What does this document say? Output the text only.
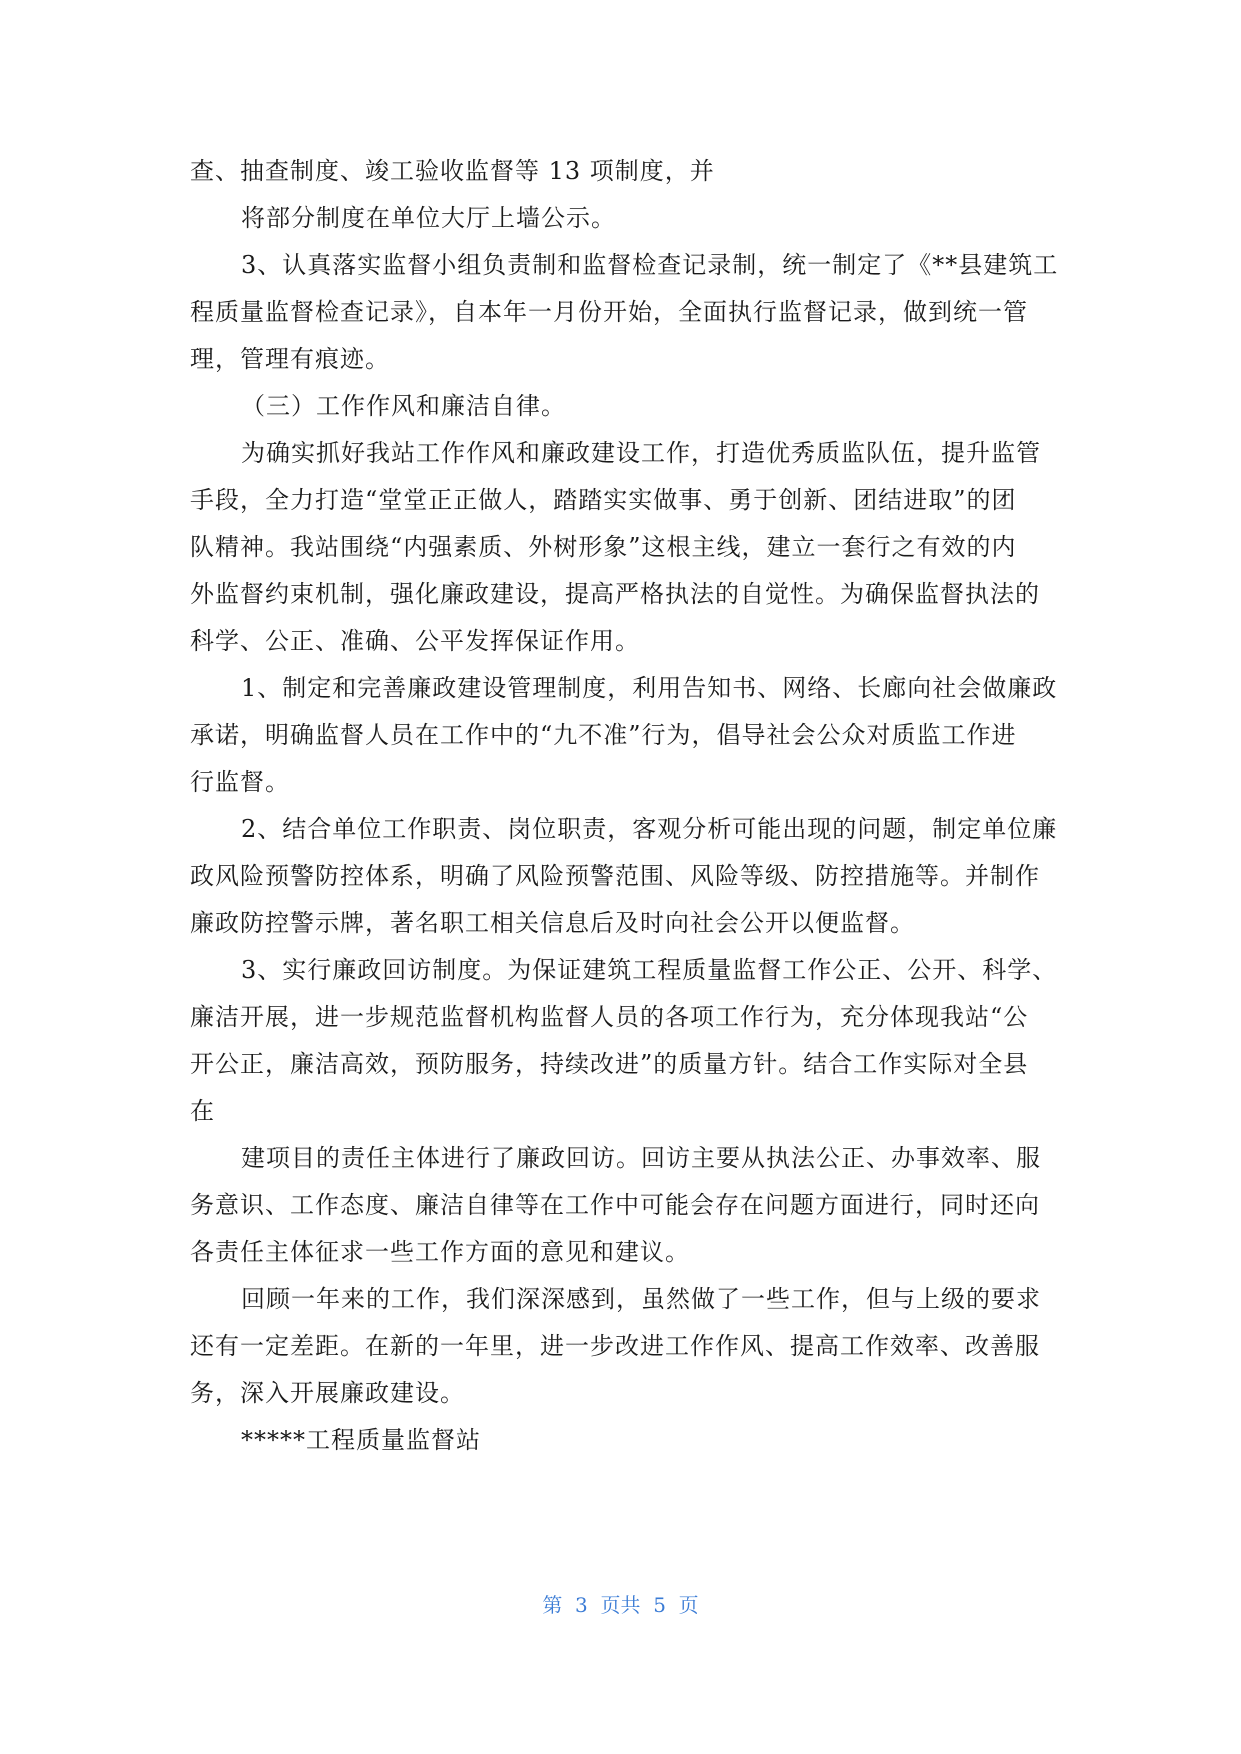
查、抽查制度、竣工验收监督等 13 项制度，并
将部分制度在单位大厅上墙公示。
3、认真落实监督小组负责制和监督检查记录制，统一制定了《**县建筑工
程质量监督检查记录》，自本年一月份开始，全面执行监督记录，做到统一管
理，管理有痕迹。
（三）工作作风和廉洁自律。
为确实抓好我站工作作风和廉政建设工作，打造优秀质监队伍，提升监管
手段，全力打造“堂堂正正做人，踏踏实实做事、勇于创新、团结进取”的团
队精神。我站围绕“内强素质、外树形象”这根主线，建立一套行之有效的内
外监督约束机制，强化廉政建设，提高严格执法的自觉性。为确保监督执法的
科学、公正、准确、公平发挥保证作用。
1、制定和完善廉政建设管理制度，利用告知书、网络、长廊向社会做廉政
承诺，明确监督人员在工作中的“九不准”行为，倡导社会公众对质监工作进
行监督。
2、结合单位工作职责、岗位职责，客观分析可能出现的问题，制定单位廉
政风险预警防控体系，明确了风险预警范围、风险等级、防控措施等。并制作
廉政防控警示牌，著名职工相关信息后及时向社会公开以便监督。
3、实行廉政回访制度。为保证建筑工程质量监督工作公正、公开、科学、
廉洁开展，进一步规范监督机构监督人员的各项工作行为，充分体现我站“公
开公正，廉洁高效，预防服务，持续改进”的质量方针。结合工作实际对全县
在
建项目的责任主体进行了廉政回访。回访主要从执法公正、办事效率、服
务意识、工作态度、廉洁自律等在工作中可能会存在问题方面进行，同时还向
各责任主体征求一些工作方面的意见和建议。
回顾一年来的工作，我们深深感到，虽然做了一些工作，但与上级的要求
还有一定差距。在新的一年里，进一步改进工作作风、提高工作效率、改善服
务，深入开展廉政建设。
*****工程质量监督站
第  3  页共  5  页
